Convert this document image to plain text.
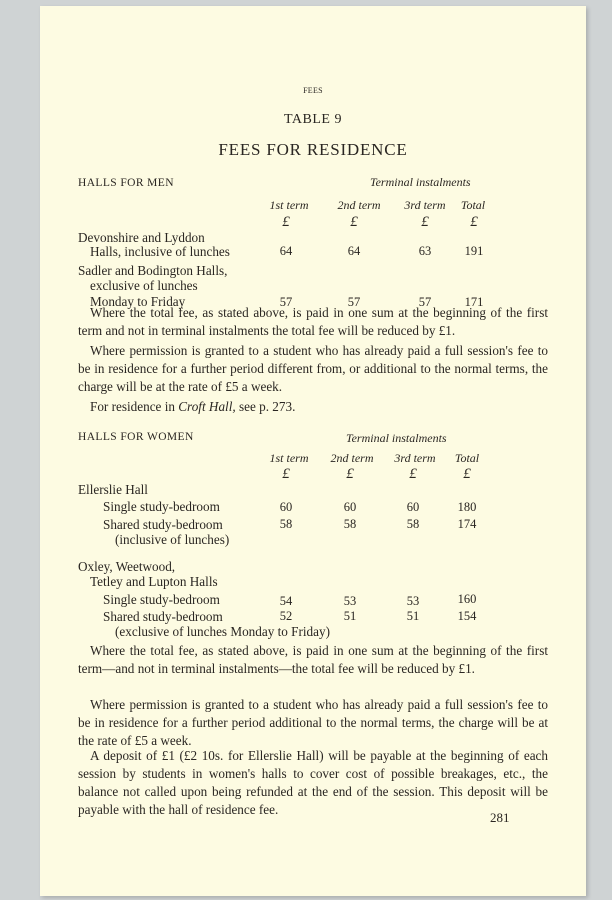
FEES
TABLE 9
FEES FOR RESIDENCE
HALLS FOR MEN	Terminal instalments
1st term	2nd term	3rd term	Total
£	£	£	£
Devonshire and Lyddon
Halls, inclusive of lunches	64	64	63	191
Sadler and Bodington Halls,
exclusive of lunches
Monday to Friday	57	57	57	171
Where the total fee, as stated above, is paid in one sum at the beginning of the first term and not in terminal instalments the total fee will be reduced by £1.
Where permission is granted to a student who has already paid a full session's fee to be in residence for a further period different from, or additional to the normal terms, the charge will be at the rate of £5 a week.
For residence in Croft Hall, see p. 273.
HALLS FOR WOMEN	Terminal instalments
1st term	2nd term	3rd term	Total
£	£	£	£
Ellerslie Hall
Single study-bedroom	60	60	60	180
Shared study-bedroom	58	58	58	174
(inclusive of lunches)
Oxley, Weetwood,
Tetley and Lupton Halls
Single study-bedroom	54	53	53	160
Shared study-bedroom	52	51	51	154
(exclusive of lunches Monday to Friday)
Where the total fee, as stated above, is paid in one sum at the beginning of the first term—and not in terminal instalments—the total fee will be reduced by £1.
Where permission is granted to a student who has already paid a full session's fee to be in residence for a further period additional to the normal terms, the charge will be at the rate of £5 a week.
A deposit of £1 (£2 10s. for Ellerslie Hall) will be payable at the beginning of each session by students in women's halls to cover cost of possible breakages, etc., the balance not called upon being refunded at the end of the session. This deposit will be payable with the hall of residence fee.
281
